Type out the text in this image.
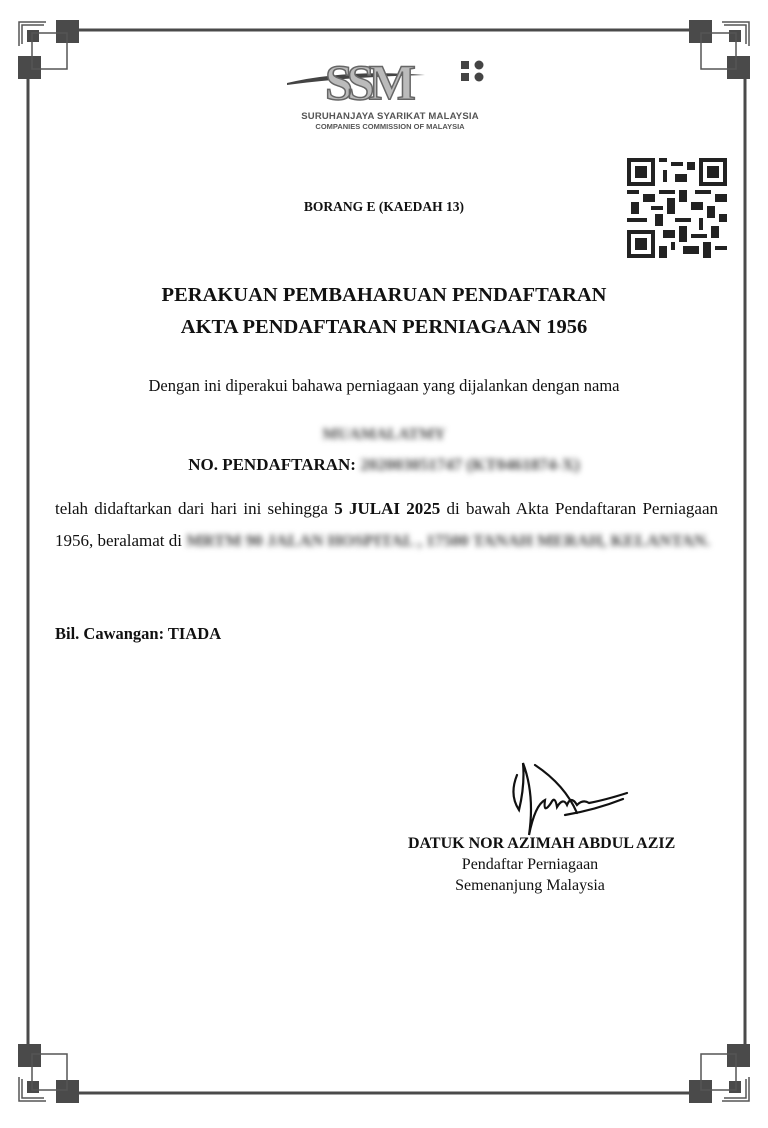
SSM
SURUHANJAYA SYARIKAT MALAYSIA
COMPANIES COMMISSION OF MALAYSIA
BORANG E (KAEDAH 13)
PERAKUAN PEMBAHARUAN PENDAFTARAN
AKTA PENDAFTARAN PERNIAGAAN 1956
Dengan ini diperakui bahawa perniagaan yang dijalankan dengan nama
MUAMALATMY
NO. PENDAFTARAN: 202003051747 (KT0461874-X)
telah didaftarkan dari hari ini sehingga 5 JULAI 2025 di bawah Akta Pendaftaran Perniagaan 1956, beralamat di MRTM 90 JALAN HOSPITAL , 17500 TANAH MERAH, KELANTAN.
Bil. Cawangan: TIADA
DATUK NOR AZIMAH ABDUL AZIZ
Pendaftar Perniagaan
Semenanjung Malaysia
